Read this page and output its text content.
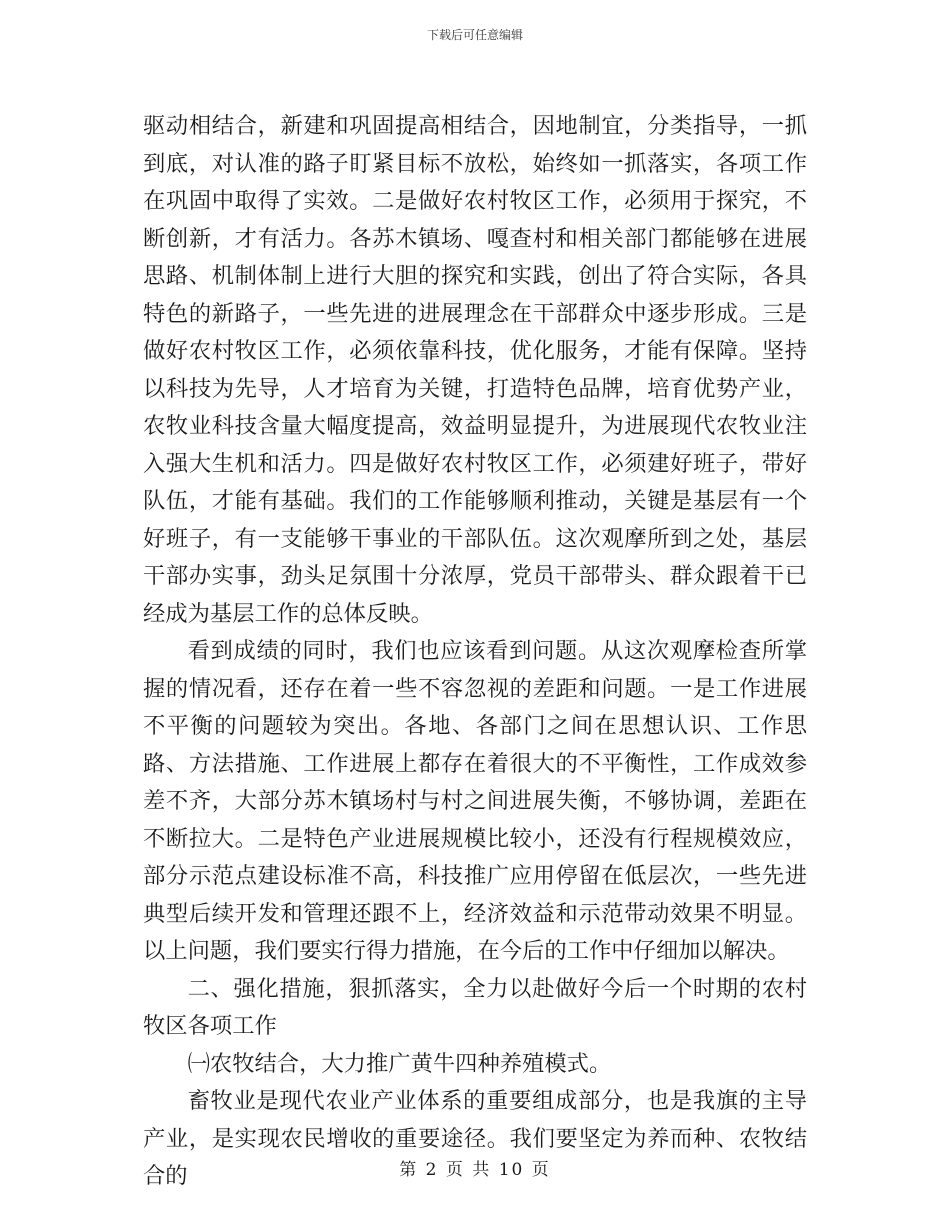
下载后可任意编辑

驱动相结合，新建和巩固提高相结合，因地制宜，分类指导，一抓到底，对认准的路子盯紧目标不放松，始终如一抓落实，各项工作在巩固中取得了实效。二是做好农村牧区工作，必须用于探究，不断创新，才有活力。各苏木镇场、嘎查村和相关部门都能够在进展思路、机制体制上进行大胆的探究和实践，创出了符合实际，各具特色的新路子，一些先进的进展理念在干部群众中逐步形成。三是做好农村牧区工作，必须依靠科技，优化服务，才能有保障。坚持以科技为先导，人才培育为关键，打造特色品牌，培育优势产业，农牧业科技含量大幅度提高，效益明显提升，为进展现代农牧业注入强大生机和活力。四是做好农村牧区工作，必须建好班子，带好队伍，才能有基础。我们的工作能够顺利推动，关键是基层有一个好班子，有一支能够干事业的干部队伍。这次观摩所到之处，基层干部办实事，劲头足氛围十分浓厚，党员干部带头、群众跟着干已经成为基层工作的总体反映。

看到成绩的同时，我们也应该看到问题。从这次观摩检查所掌握的情况看，还存在着一些不容忽视的差距和问题。一是工作进展不平衡的问题较为突出。各地、各部门之间在思想认识、工作思路、方法措施、工作进展上都存在着很大的不平衡性，工作成效参差不齐，大部分苏木镇场村与村之间进展失衡，不够协调，差距在不断拉大。二是特色产业进展规模比较小，还没有行程规模效应，部分示范点建设标准不高，科技推广应用停留在低层次，一些先进典型后续开发和管理还跟不上，经济效益和示范带动效果不明显。以上问题，我们要实行得力措施，在今后的工作中仔细加以解决。

二、强化措施，狠抓落实，全力以赴做好今后一个时期的农村牧区各项工作

㈠农牧结合，大力推广黄牛四种养殖模式。

畜牧业是现代农业产业体系的重要组成部分，也是我旗的主导产业，是实现农民增收的重要途径。我们要坚定为养而种、农牧结合的	第 2 页 共 10 页
